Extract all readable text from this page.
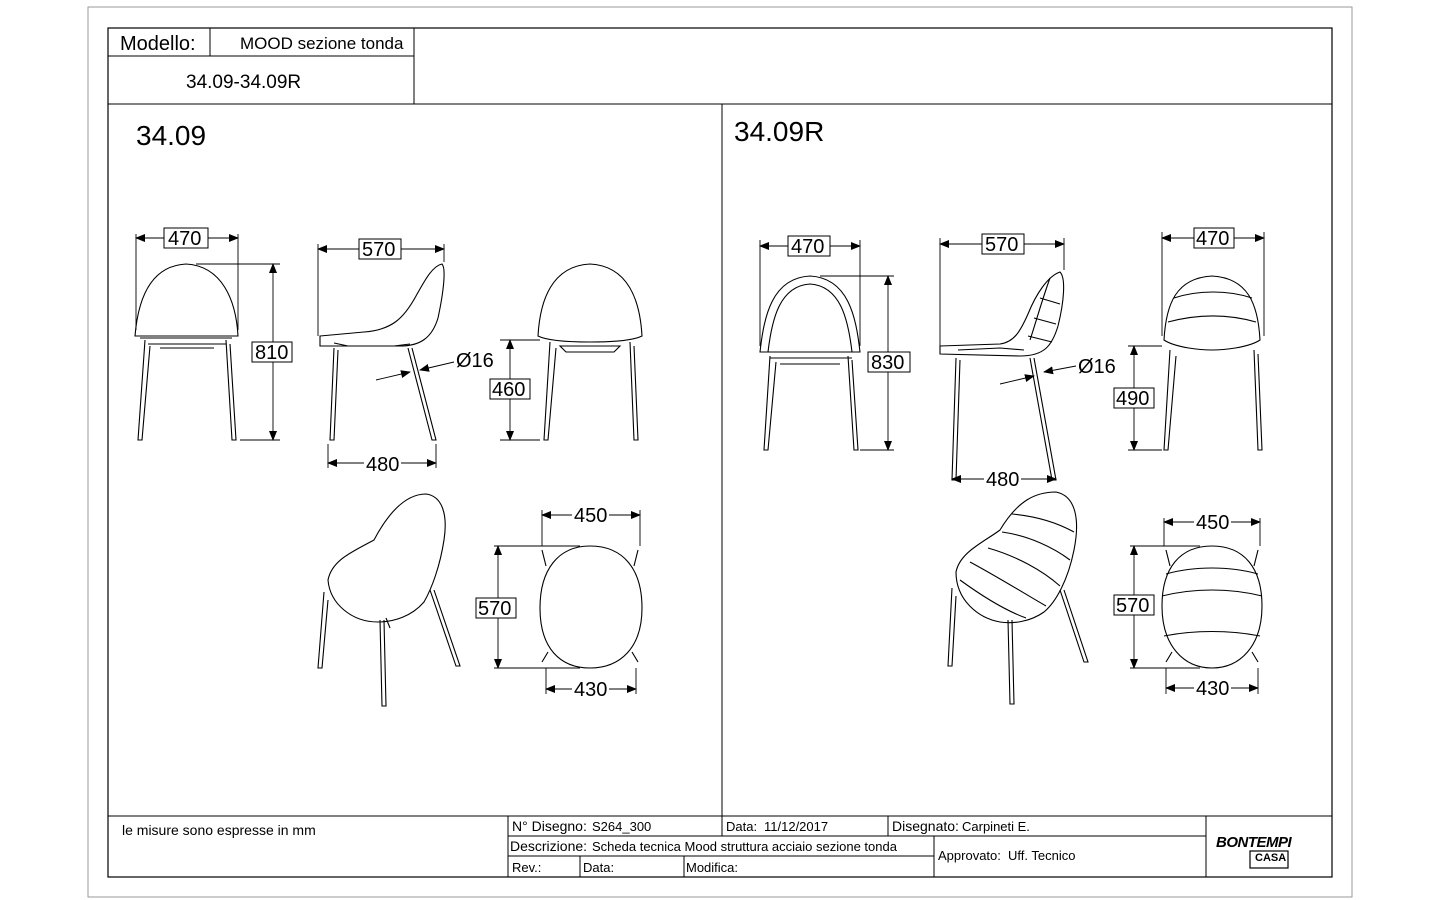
Modello:	MOOD sezione tonda
34.09-34.09R
34.09
470	570
810	Ø16
460
480
450
570
430
34.09R
470	570	470
830	Ø16
490
480
450
570
430
le misure sono espresse in mm	N° Disegno: S264_300	Data: 11/12/2017	Disegnato: Carpineti E.
Descrizione: Scheda tecnica Mood struttura acciaio sezione tonda
Approvato: Uff. Tecnico
Rev.:	Data:	Modifica:
BONTEMPI
CASA
